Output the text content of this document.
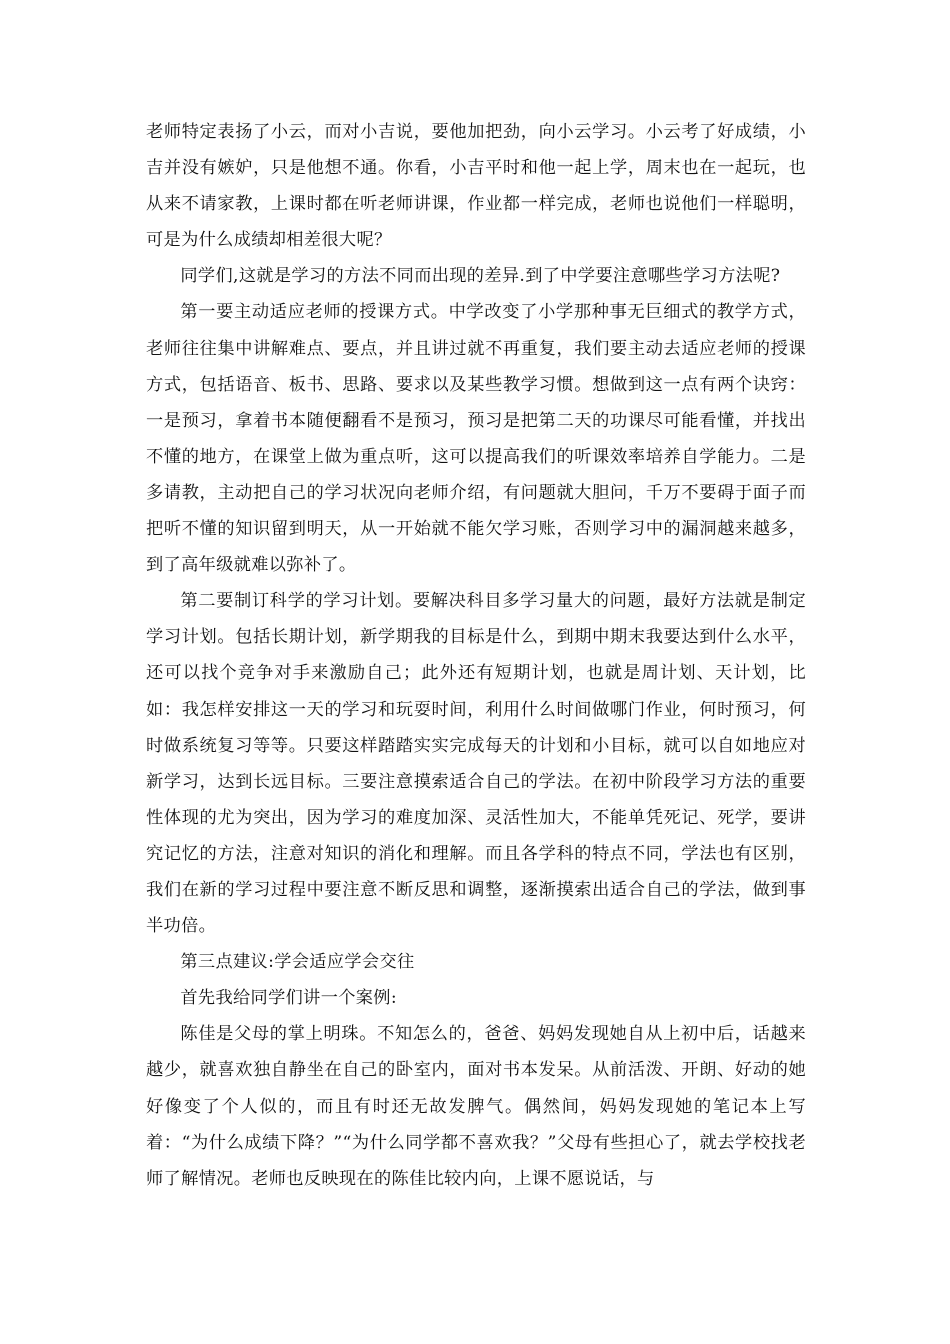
老师特定表扬了小云，而对小吉说，要他加把劲，向小云学习。小云考了好成绩，小吉并没有嫉妒，只是他想不通。你看，小吉平时和他一起上学，周末也在一起玩，也从来不请家教，上课时都在听老师讲课，作业都一样完成，老师也说他们一样聪明，可是为什么成绩却相差很大呢？

同学们,这就是学习的方法不同而出现的差异.到了中学要注意哪些学习方法呢?

第一要主动适应老师的授课方式。中学改变了小学那种事无巨细式的教学方式，老师往往集中讲解难点、要点，并且讲过就不再重复，我们要主动去适应老师的授课方式，包括语音、板书、思路、要求以及某些教学习惯。想做到这一点有两个诀窍：一是预习，拿着书本随便翻看不是预习，预习是把第二天的功课尽可能看懂，并找出不懂的地方，在课堂上做为重点听，这可以提高我们的听课效率培养自学能力。二是多请教，主动把自己的学习状况向老师介绍，有问题就大胆问，千万不要碍于面子而把听不懂的知识留到明天，从一开始就不能欠学习账，否则学习中的漏洞越来越多，到了高年级就难以弥补了。

第二要制订科学的学习计划。要解决科目多学习量大的问题，最好方法就是制定学习计划。包括长期计划，新学期我的目标是什么，到期中期末我要达到什么水平，还可以找个竞争对手来激励自己；此外还有短期计划，也就是周计划、天计划，比如：我怎样安排这一天的学习和玩耍时间，利用什么时间做哪门作业，何时预习，何时做系统复习等等。只要这样踏踏实实完成每天的计划和小目标，就可以自如地应对新学习，达到长远目标。三要注意摸索适合自己的学法。在初中阶段学习方法的重要性体现的尤为突出，因为学习的难度加深、灵活性加大，不能单凭死记、死学，要讲究记忆的方法，注意对知识的消化和理解。而且各学科的特点不同，学法也有区别，我们在新的学习过程中要注意不断反思和调整，逐渐摸索出适合自己的学法，做到事半功倍。

第三点建议:学会适应学会交往

首先我给同学们讲一个案例:

陈佳是父母的掌上明珠。不知怎么的，爸爸、妈妈发现她自从上初中后，话越来越少，就喜欢独自静坐在自己的卧室内，面对书本发呆。从前活泼、开朗、好动的她好像变了个人似的，而且有时还无故发脾气。偶然间，妈妈发现她的笔记本上写着：“为什么成绩下降？”“为什么同学都不喜欢我？”父母有些担心了，就去学校找老师了解情况。老师也反映现在的陈佳比较内向，上课不愿说话，与
